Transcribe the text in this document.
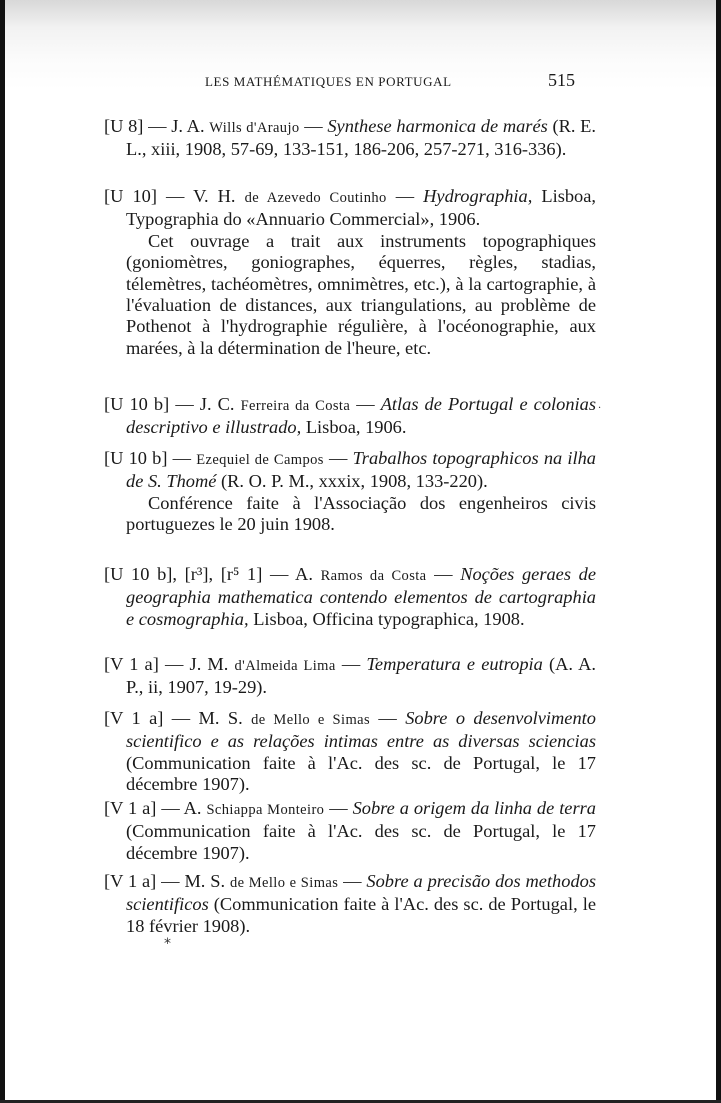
LES MATHÉMATIQUES EN PORTUGAL	515
[U 8] — J. A. Wills d'Araujo — Synthese harmonica de marés (R. E. L., xiii, 1908, 57-69, 133-151, 186-206, 257-271, 316-336).
[U 10] — V. H. de Azevedo Coutinho — Hydrographia, Lisboa, Typographia do «Annuario Commercial», 1906.
Cet ouvrage a trait aux instruments topographiques (goniomètres, goniographes, équerres, règles, stadias, télemètres, tachéomètres, omnimètres, etc.), à la cartographie, à l'évaluation de distances, aux triangulations, au problème de Pothenot à l'hydrographie régulière, à l'océonographie, aux marées, à la détermination de l'heure, etc.
[U 10 b] — J. C. Ferreira da Costa — Atlas de Portugal e colonias descriptivo e illustrado, Lisboa, 1906.
[U 10 b] — Ezequiel de Campos — Trabalhos topographicos na ilha de S. Thomé (R. O. P. M., xxxix, 1908, 133-220).
Conférence faite à l'Associação dos engenheiros civis portuguezes le 20 juin 1908.
[U 10 b], [r³], [r⁵ 1] — A. Ramos da Costa — Noções geraes de geographia mathematica contendo elementos de cartographia e cosmographia, Lisboa, Officina typographica, 1908.
[V 1 a] — J. M. d'Almeida Lima — Temperatura e eutropia (A. A. P., ii, 1907, 19-29).
[V 1 a] — M. S. de Mello e Simas — Sobre o desenvolvimento scientifico e as relações intimas entre as diversas sciencias (Communication faite à l'Ac. des sc. de Portugal, le 17 décembre 1907).
[V 1 a] — A. Schiappa Monteiro — Sobre a origem da linha de terra (Communication faite à l'Ac. des sc. de Portugal, le 17 décembre 1907).
[V 1 a] — M. S. de Mello e Simas — Sobre a precisão dos methodos scientificos (Communication faite à l'Ac. des sc. de Portugal, le 18 février 1908).
·
*
